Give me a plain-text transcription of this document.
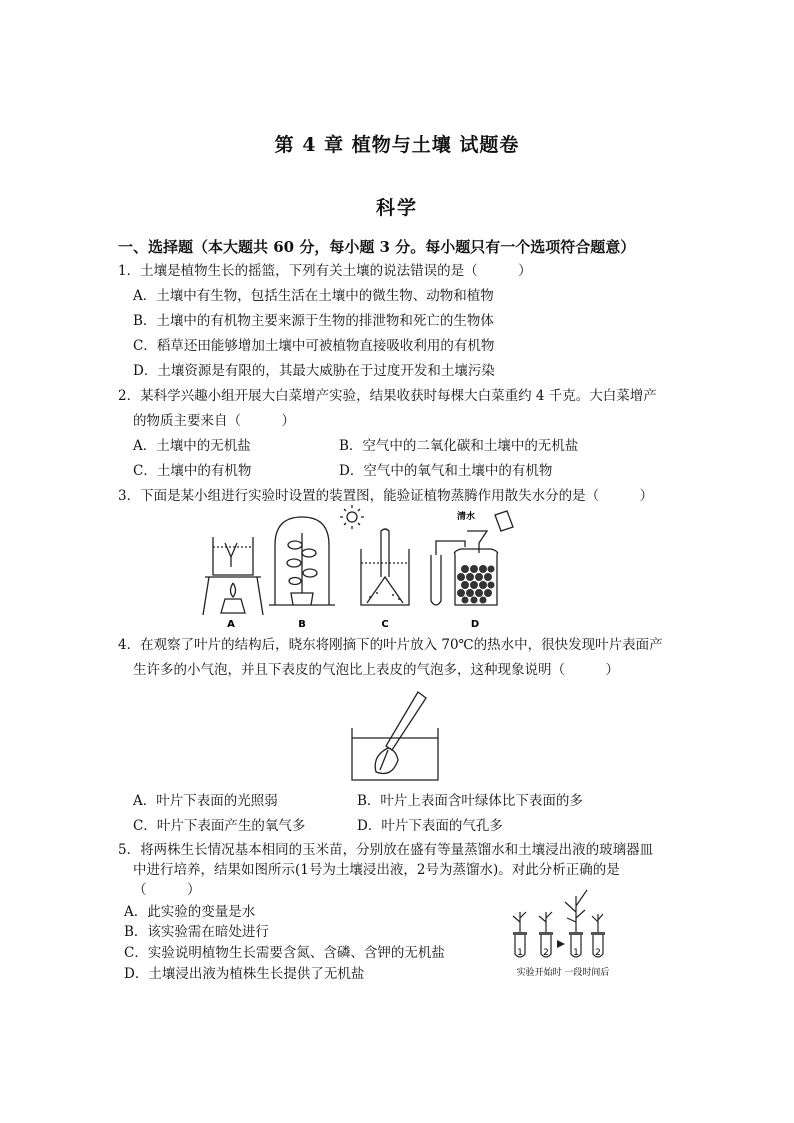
第 4 章 植物与土壤 试题卷
科学
一、选择题（本大题共 60 分，每小题 3 分。每小题只有一个选项符合题意）
1．土壤是植物生长的摇篮，下列有关土壤的说法错误的是（　　　）
A．土壤中有生物，包括生活在土壤中的微生物、动物和植物
B．土壤中的有机物主要来源于生物的排泄物和死亡的生物体
C．稻草还田能够增加土壤中可被植物直接吸收利用的有机物
D．土壤资源是有限的，其最大威胁在于过度开发和土壤污染
2．某科学兴趣小组开展大白菜增产实验，结果收获时每棵大白菜重约 4 千克。大白菜增产
的物质主要来自（　　　）
A．土壤中的无机盐	B．空气中的二氧化碳和土壤中的无机盐
C．土壤中的有机物	D．空气中的氧气和土壤中的有机物
3．下面是某小组进行实验时设置的装置图，能验证植物蒸腾作用散失水分的是（　　　）
A	B	C	D
清水
4．在观察了叶片的结构后，晓东将刚摘下的叶片放入 70℃的热水中，很快发现叶片表面产
生许多的小气泡，并且下表皮的气泡比上表皮的气泡多，这种现象说明（　　　）
A．叶片下表面的光照弱	B．叶片上表面含叶绿体比下表面的多
C．叶片下表面产生的氧气多	D．叶片下表面的气孔多
5．将两株生长情况基本相同的玉米苗，分别放在盛有等量蒸馏水和土壤浸出液的玻璃器皿
中进行培养，结果如图所示(1号为土壤浸出液，2号为蒸馏水)。对此分析正确的是
（　　　）
A．此实验的变量是水
B．该实验需在暗处进行
C．实验说明植物生长需要含氮、含磷、含钾的无机盐
D．土壤浸出液为植株生长提供了无机盐
1 2	1 2
实验开始时 一段时间后
